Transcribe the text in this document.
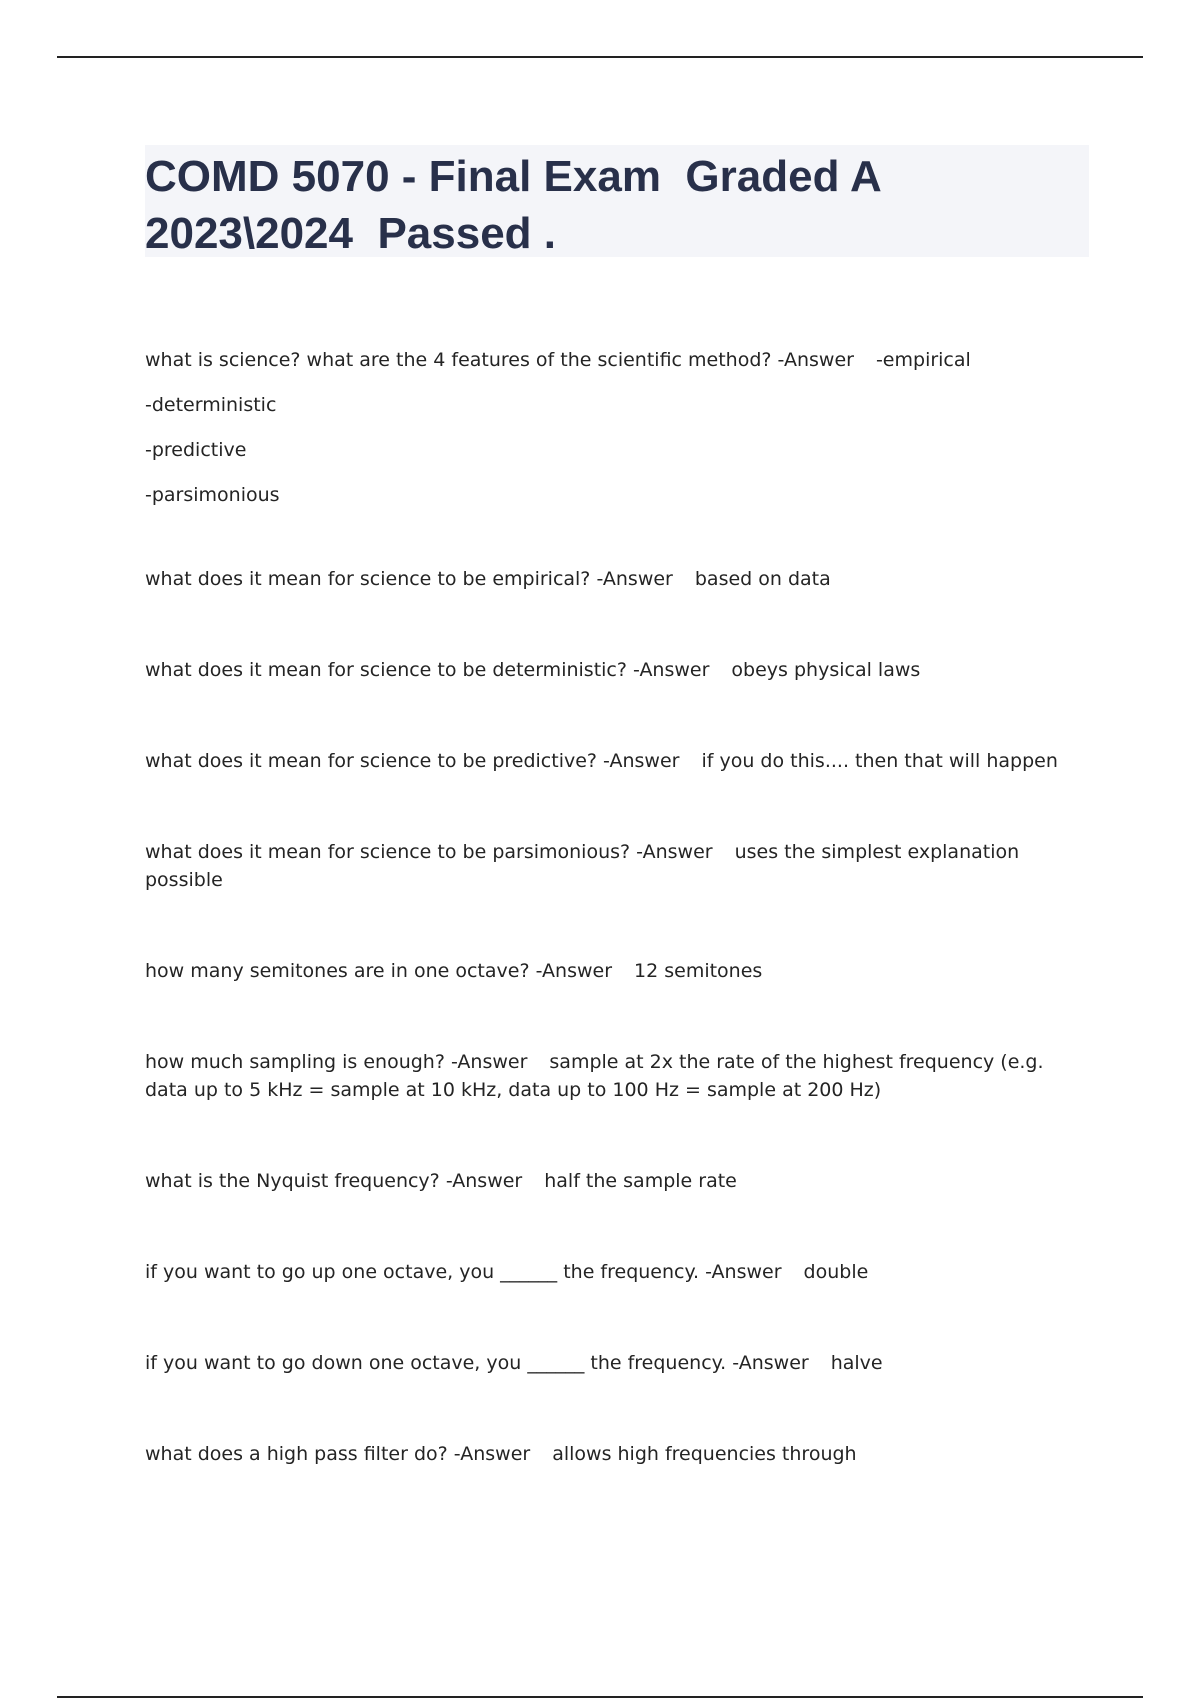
COMD 5070 - Final Exam  Graded A
2023\2024  Passed .
what is science? what are the 4 features of the scientific method? -Answer -empirical
-deterministic
-predictive
-parsimonious
what does it mean for science to be empirical? -Answer based on data
what does it mean for science to be deterministic? -Answer obeys physical laws
what does it mean for science to be predictive? -Answer if you do this.... then that will happen
what does it mean for science to be parsimonious? -Answer uses the simplest explanation possible
how many semitones are in one octave? -Answer 12 semitones
how much sampling is enough? -Answer sample at 2x the rate of the highest frequency (e.g. data up to 5 kHz = sample at 10 kHz, data up to 100 Hz = sample at 200 Hz)
what is the Nyquist frequency? -Answer half the sample rate
if you want to go up one octave, you ______ the frequency. -Answer double
if you want to go down one octave, you ______ the frequency. -Answer halve
what does a high pass filter do? -Answer allows high frequencies through
